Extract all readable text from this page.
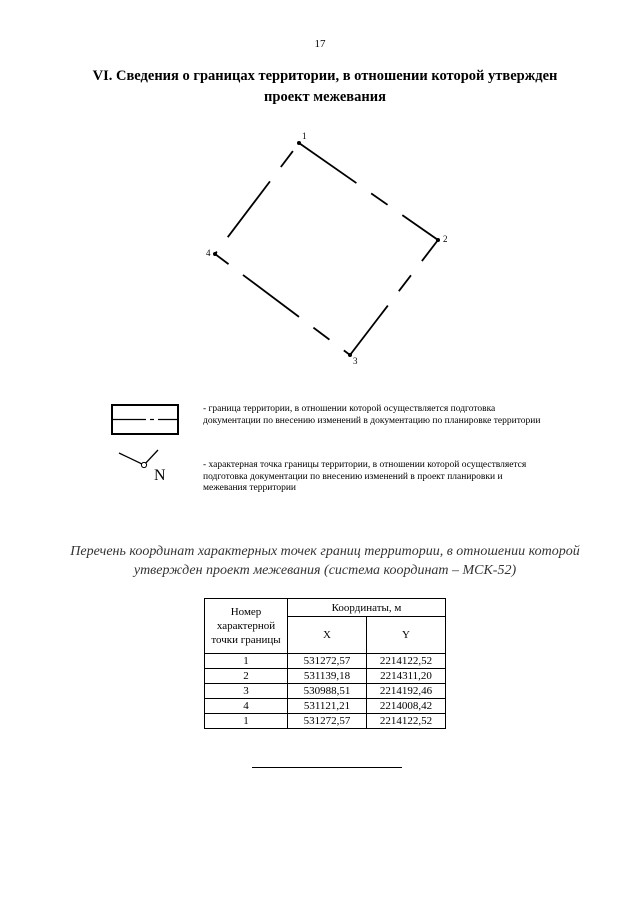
17
VI. Сведения о границах территории, в отношении которой утвержден проект межевания
1
2
3
4
- граница территории, в отношении которой осуществляется подготовка документации по внесению изменений в документацию по планировке территории
N
- характерная точка границы территории, в отношении которой осуществляется подготовка документации по внесению изменений в проект планировки и межевания территории
Перечень координат характерных точек границ территории, в отношении которой утвержден проект межевания (система координат – МСК-52)
Номер характерной точки границы	Координаты, м	
	X	Y
1	531272,57	2214122,52
2	531139,18	2214311,20
3	530988,51	2214192,46
4	531121,21	2214008,42
1	531272,57	2214122,52
